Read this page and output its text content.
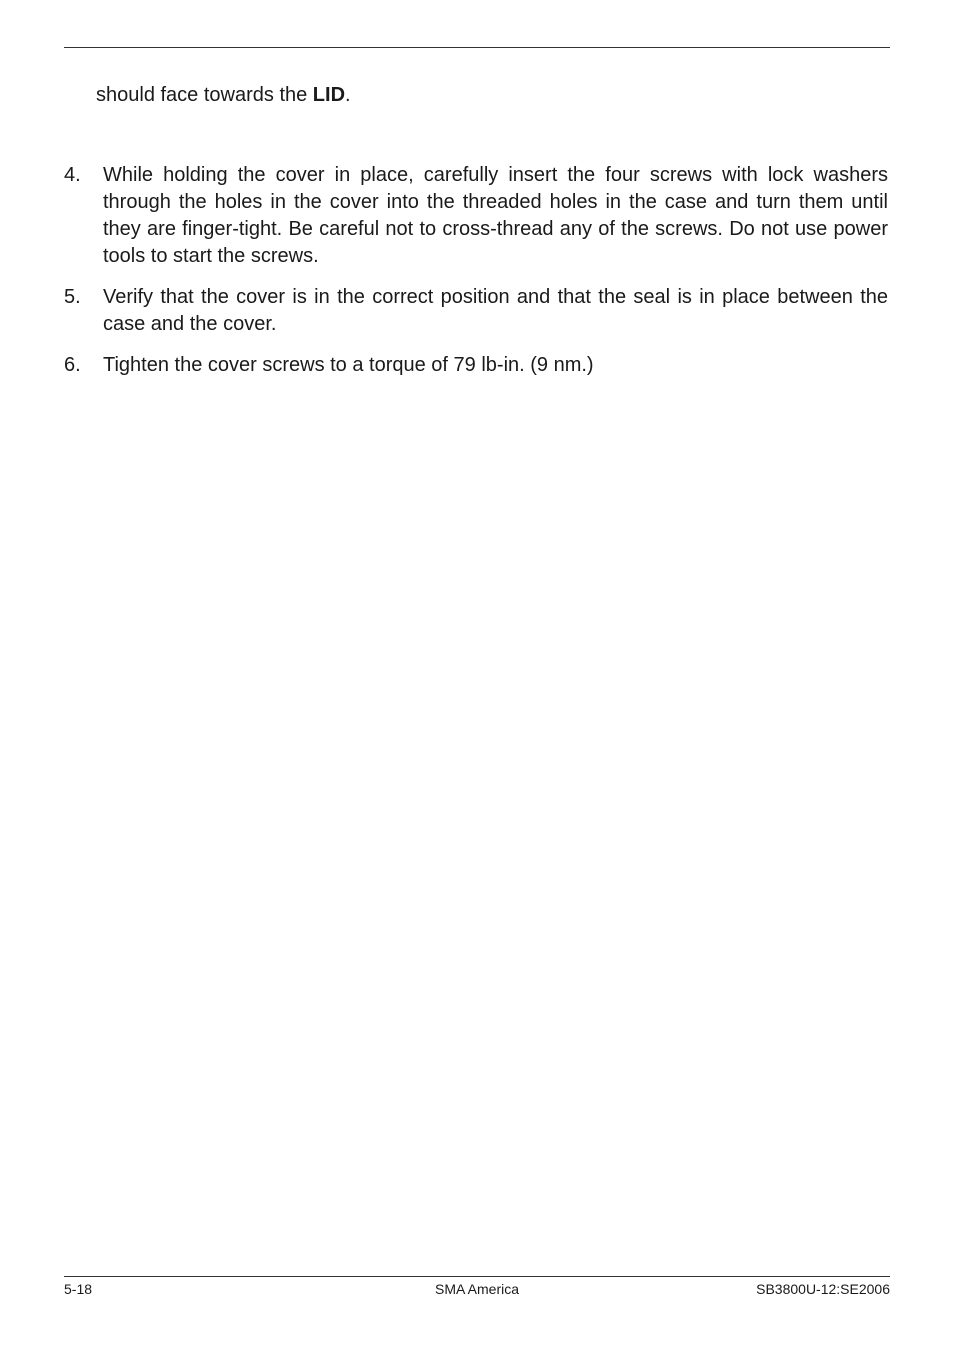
should face towards the LID.

4. While holding the cover in place, carefully insert the four screws with lock washers through the holes in the cover into the threaded holes in the case and turn them until they are finger-tight. Be careful not to cross-thread any of the screws. Do not use power tools to start the screws.
5. Verify that the cover is in the correct position and that the seal is in place between the case and the cover.
6. Tighten the cover screws to a torque of 79 lb-in. (9 nm.)
5-18	SMA America	SB3800U-12:SE2006
